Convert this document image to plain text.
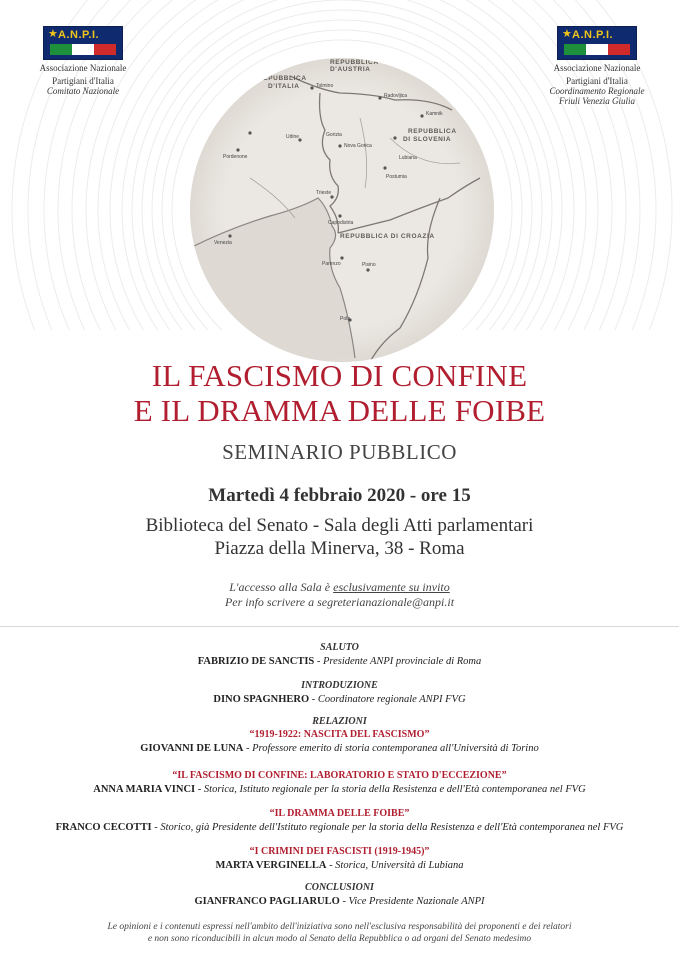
★ A.N.P.I.
Associazione Nazionale
Partigiani d'Italia
Comitato Nazionale
★ A.N.P.I.
Associazione Nazionale
Partigiani d'Italia
Coordinamento Regionale
Friuli Venezia Giulia
REPUBBLICA
D'AUSTRIA
REPUBBLICA
D'ITALIA
REPUBBLICA
DI SLOVENIA
REPUBBLICA DI CROAZIA
Tolmino
Radovljica
Kamnik
Udine	Gorizia
Nova Gorica
Lubiana
Pordenone
Postumia
Trieste
Capodistria
Venezia
Parenzo	Pisino
Pola
IL FASCISMO DI CONFINE
E IL DRAMMA DELLE FOIBE
SEMINARIO PUBBLICO
Martedì 4 febbraio 2020 - ore 15
Biblioteca del Senato - Sala degli Atti parlamentari
Piazza della Minerva, 38 - Roma
L'accesso alla Sala è esclusivamente su invito
Per info scrivere a segreterianazionale@anpi.it
SALUTO
FABRIZIO DE SANCTIS - Presidente ANPI provinciale di Roma
INTRODUZIONE
DINO SPAGNHERO - Coordinatore regionale ANPI FVG
RELAZIONI
“1919-1922: NASCITA DEL FASCISMO”
GIOVANNI DE LUNA - Professore emerito di storia contemporanea all'Università di Torino
“IL FASCISMO DI CONFINE: LABORATORIO E STATO D'ECCEZIONE”
ANNA MARIA VINCI - Storica, Istituto regionale per la storia della Resistenza e dell'Età contemporanea nel FVG
“IL DRAMMA DELLE FOIBE”
FRANCO CECOTTI - Storico, già Presidente dell'Istituto regionale per la storia della Resistenza e dell'Età contemporanea nel FVG
“I CRIMINI DEI FASCISTI (1919-1945)”
MARTA VERGINELLA - Storica, Università di Lubiana
CONCLUSIONI
GIANFRANCO PAGLIARULO - Vice Presidente Nazionale ANPI
Le opinioni e i contenuti espressi nell'ambito dell'iniziativa sono nell'esclusiva responsabilità dei proponenti e dei relatori
e non sono riconducibili in alcun modo al Senato della Repubblica o ad organi del Senato medesimo
